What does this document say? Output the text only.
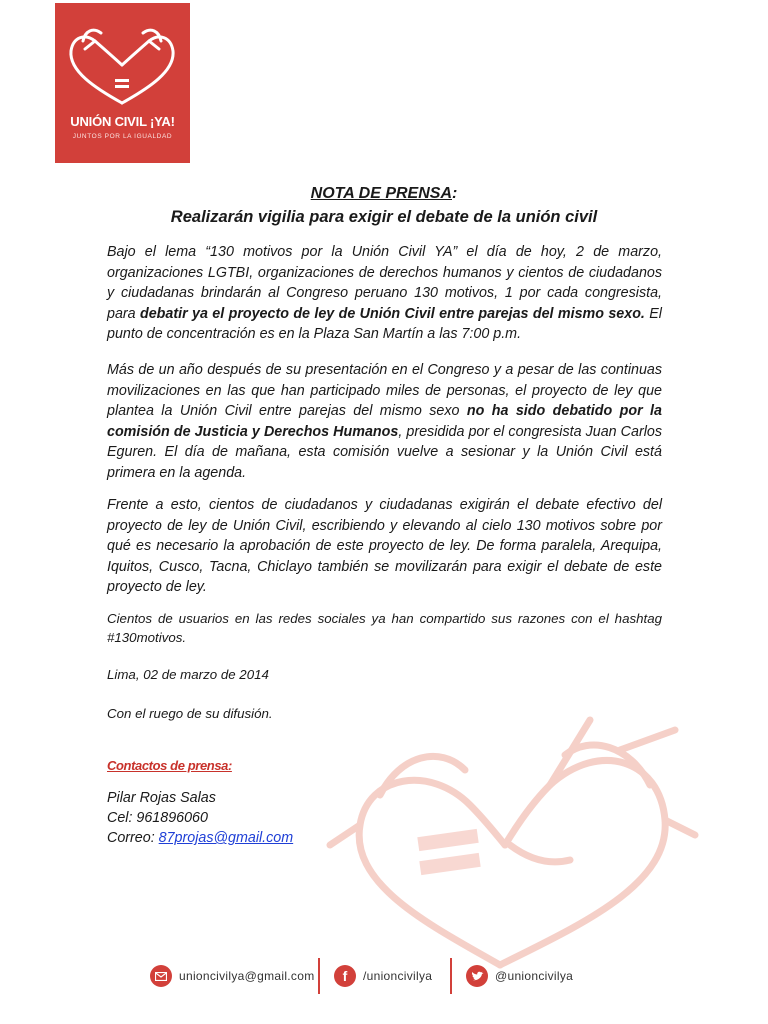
UNIÓN CIVIL ¡YA!
JUNTOS POR LA IGUALDAD
NOTA DE PRENSA:
Realizarán vigilia para exigir el debate de la unión civil
Bajo el lema “130 motivos por la Unión Civil YA” el día de hoy, 2 de marzo, organizaciones LGTBI, organizaciones de derechos humanos y cientos de ciudadanos y ciudadanas brindarán al Congreso peruano 130 motivos, 1 por cada congresista, para debatir ya el proyecto de ley de Unión Civil entre parejas del mismo sexo. El punto de concentración es en la Plaza San Martín a las 7:00 p.m.
Más de un año después de su presentación en el Congreso y a pesar de las continuas movilizaciones en las que han participado miles de personas, el proyecto de ley que plantea la Unión Civil entre parejas del mismo sexo no ha sido debatido por la comisión de Justicia y Derechos Humanos, presidida por el congresista Juan Carlos Eguren. El día de mañana, esta comisión vuelve a sesionar y la Unión Civil está primera en la agenda.
Frente a esto, cientos de ciudadanos y ciudadanas exigirán el debate efectivo del proyecto de ley de Unión Civil, escribiendo y elevando al cielo 130 motivos sobre por qué es necesario la aprobación de este proyecto de ley. De forma paralela, Arequipa, Iquitos, Cusco, Tacna, Chiclayo también se movilizarán para exigir el debate de este proyecto de ley.
Cientos de usuarios en las redes sociales ya han compartido sus razones con el hashtag #130motivos.
Lima, 02 de marzo de 2014
Con el ruego de su difusión.
Contactos de prensa:
Pilar Rojas Salas
Cel: 961896060
Correo: 87projas@gmail.com
unioncivilya@gmail.com f /unioncivilya	@unioncivilya
